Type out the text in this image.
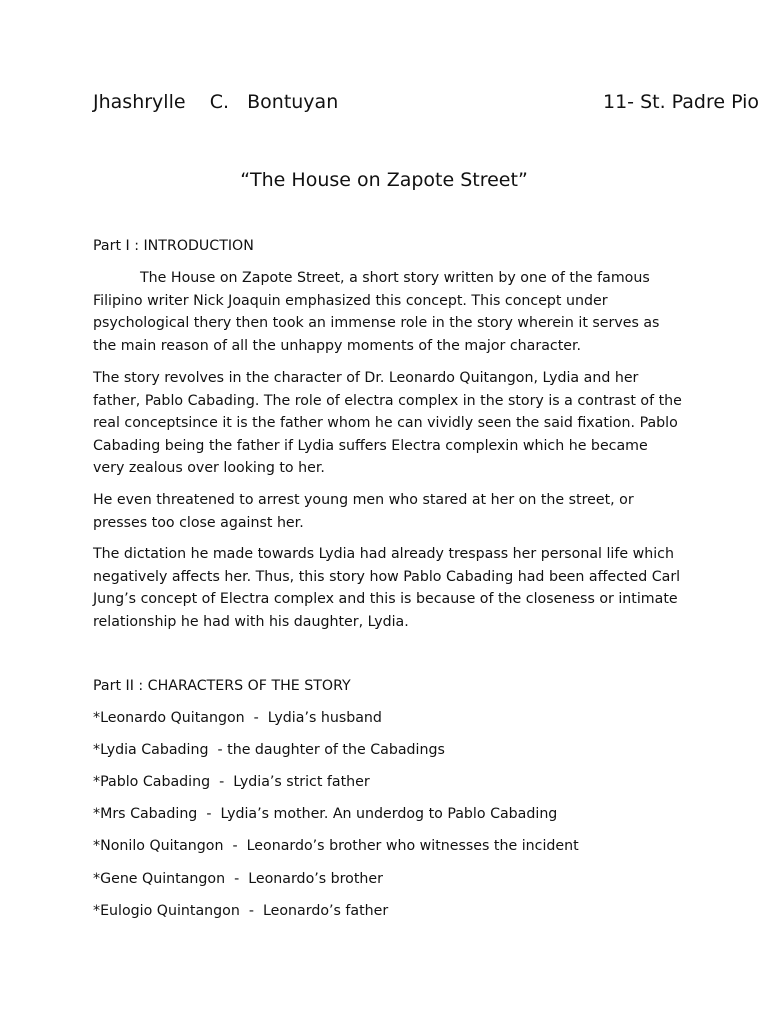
Jhashrylle    C.   Bontuyan	11- St. Padre Pio
“The House on Zapote Street”
Part I : INTRODUCTION

The House on Zapote Street, a short story written by one of the famous Filipino writer Nick Joaquin emphasized this concept. This concept under psychological thery then took an immense role in the story wherein it serves as the main reason of all the unhappy moments of the major character.

The story revolves in the character of Dr. Leonardo Quitangon, Lydia and her father, Pablo Cabading. The role of electra complex in the story is a contrast of the real conceptsince it is the father whom he can vividly seen the said fixation. Pablo Cabading being the father if Lydia suffers Electra complexin which he became very zealous over looking to her.

He even threatened to arrest young men who stared at her on the street, or presses too close against her.

The dictation he made towards Lydia had already trespass her personal life which negatively affects her. Thus, this story how Pablo Cabading had been affected Carl Jung’s concept of Electra complex and this is because of the closeness or intimate relationship he had with his daughter, Lydia.

Part II : CHARACTERS OF THE STORY
*Leonardo Quitangon  -  Lydia’s husband
*Lydia Cabading  - the daughter of the Cabadings
*Pablo Cabading  -  Lydia’s strict father
*Mrs Cabading  -  Lydia’s mother. An underdog to Pablo Cabading
*Nonilo Quitangon  -  Leonardo’s brother who witnesses the incident
*Gene Quintangon  -  Leonardo’s brother
*Eulogio Quintangon  -  Leonardo’s father
